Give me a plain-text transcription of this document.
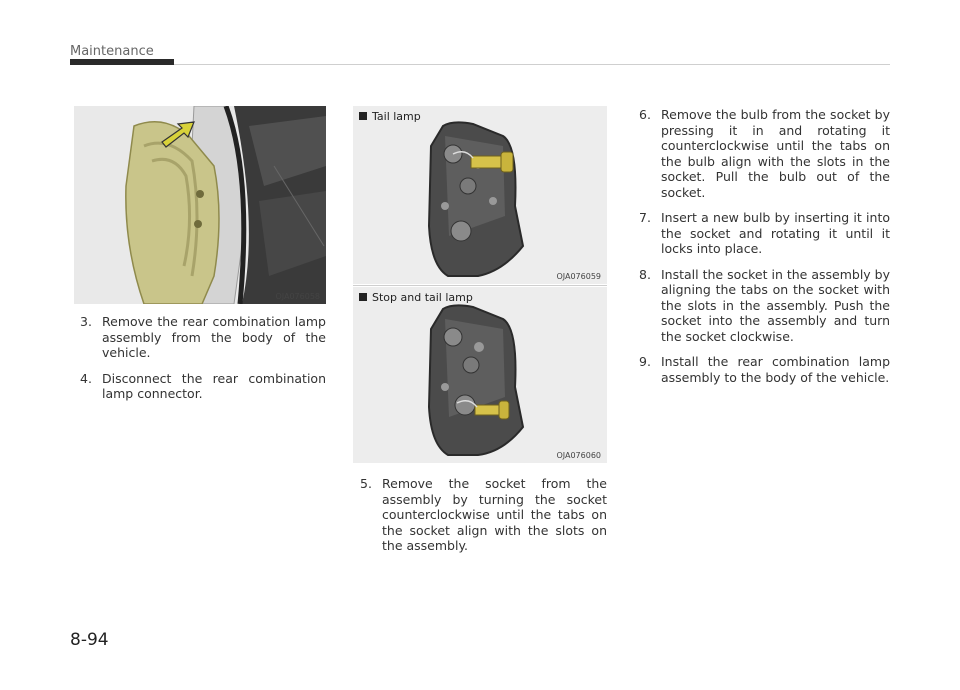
Maintenance
OJA076058
Tail lamp
OJA076059
Stop and tail lamp
OJA076060
3. Remove the rear combination lamp assembly from the body of the vehicle.
4. Disconnect the rear combination lamp connector.
5. Remove the socket from the assembly by turning the socket counterclockwise until the tabs on the socket align with the slots on the assembly.
6. Remove the bulb from the socket by pressing it in and rotating it counterclockwise until the tabs on the bulb align with the slots in the socket. Pull the bulb out of the socket.
7. Insert a new bulb by inserting it into the socket and rotating it until it locks into place.
8. Install the socket in the assembly by aligning the tabs on the socket with the slots in the assembly. Push the socket into the assembly and turn the socket clockwise.
9. Install the rear combination lamp assembly to the body of the vehicle.
8-94
